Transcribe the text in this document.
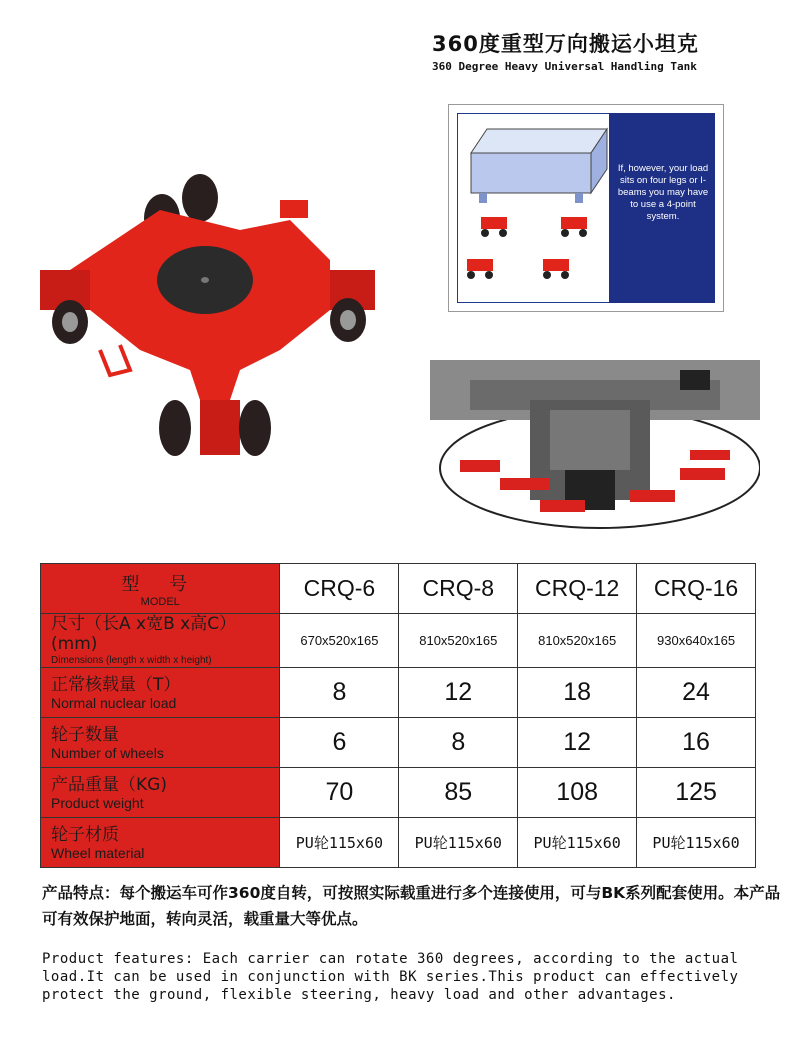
360度重型万向搬运小坦克
360 Degree Heavy Universal Handling Tank
If, however, your load sits on four legs or I-beams you may have to use a 4-point system.
型 号
MODEL	CRQ-6	CRQ-8	CRQ-12	CRQ-16

尺寸（长A x宽B x高C）(mm)
Dimensions (length x width x height)	670x520x165	810x520x165	810x520x165	930x640x165

正常核载量（T）
Normal nuclear load	8	12	18	24

轮子数量
Number of wheels	6	8	12	16

产品重量（KG)
Product weight	70	85	108	125

轮子材质
Wheel material	PU轮115x60	PU轮115x60	PU轮115x60	PU轮115x60
产品特点：每个搬运车可作360度自转，可按照实际载重进行多个连接使用，可与BK系列配套使用。本产品可有效保护地面，转向灵活，载重量大等优点。
Product features: Each carrier can rotate 360 degrees, according to the actual load.It can be used in conjunction with BK series.This product can effectively protect the ground, flexible steering, heavy load and other advantages.
